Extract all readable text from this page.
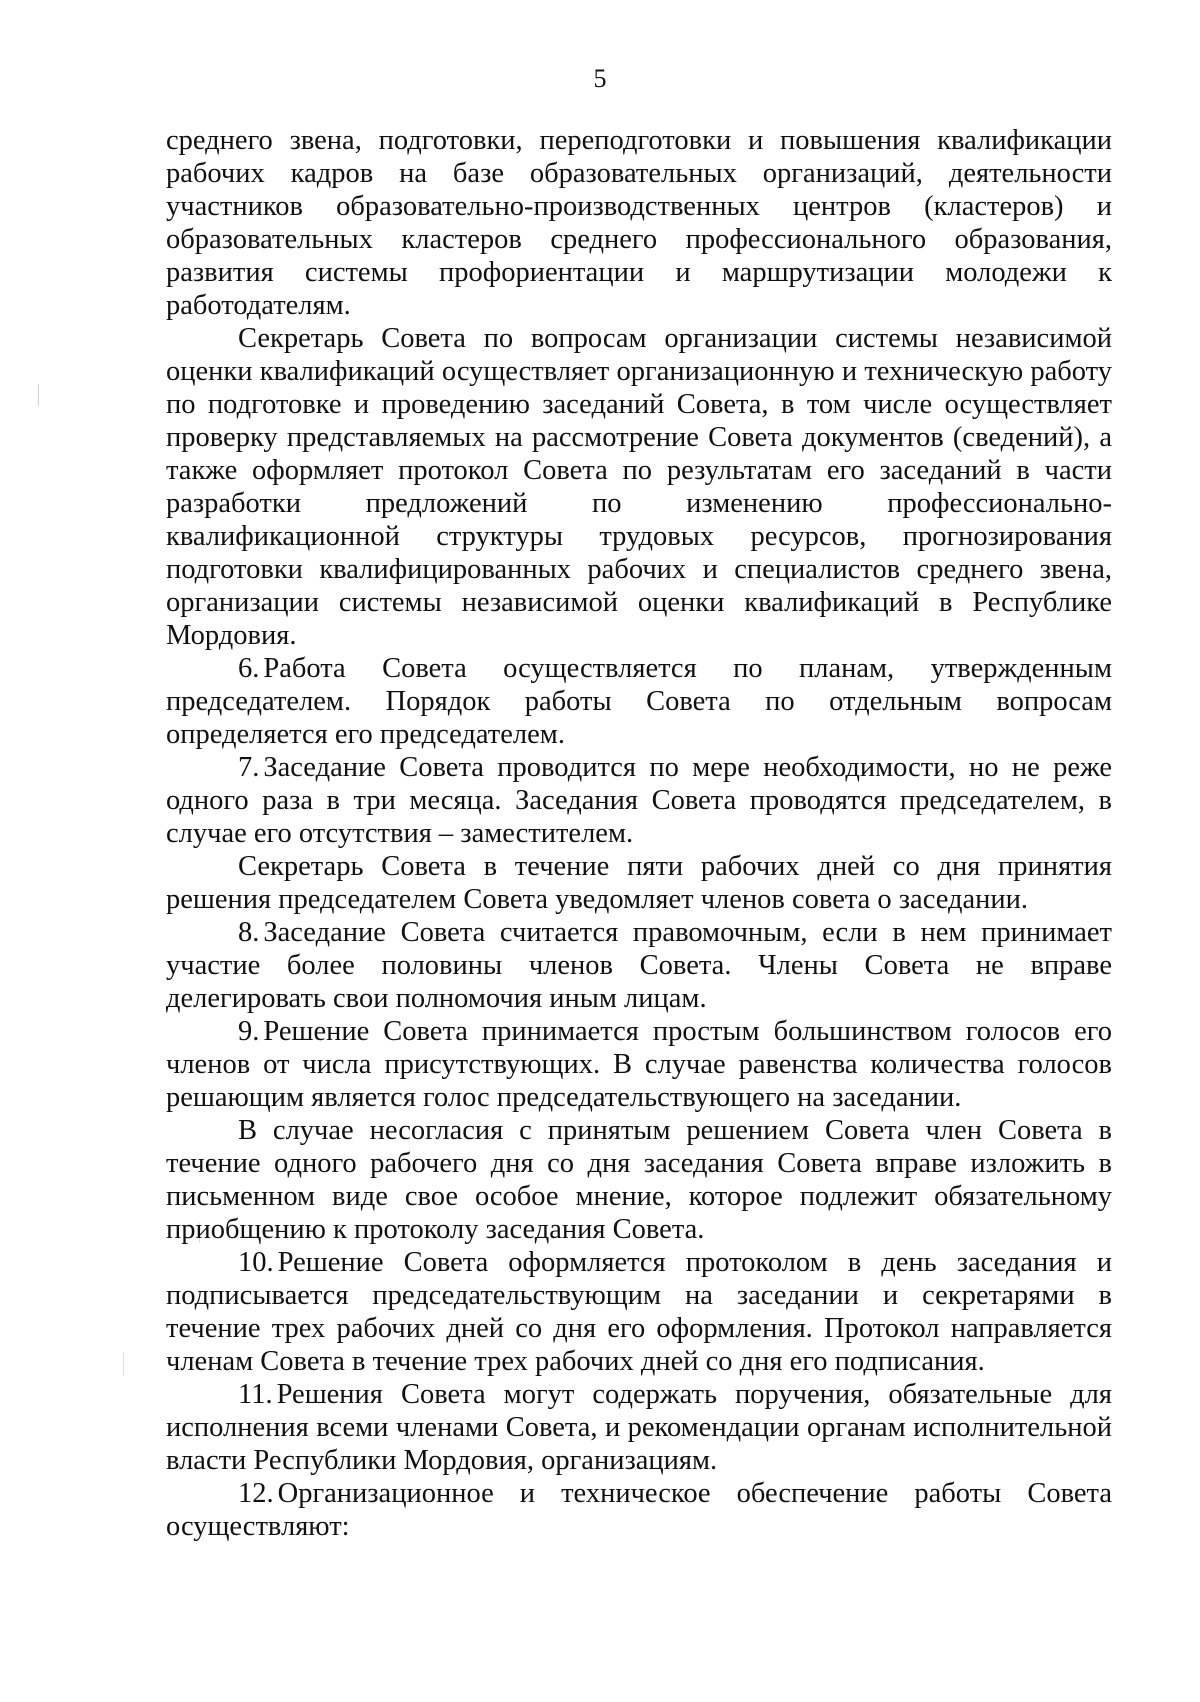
5

среднего звена, подготовки, переподготовки и повышения квалификации рабочих кадров на базе образовательных организаций, деятельности участников образовательно-производственных центров (кластеров) и образовательных кластеров среднего профессионального образования, развития системы профориентации и маршрутизации молодежи к работодателям.

Секретарь Совета по вопросам организации системы независимой оценки квалификаций осуществляет организационную и техническую работу по подготовке и проведению заседаний Совета, в том числе осуществляет проверку представляемых на рассмотрение Совета документов (сведений), а также оформляет протокол Совета по результатам его заседаний в части разработки предложений по изменению профессионально-квалификационной структуры трудовых ресурсов, прогнозирования подготовки квалифицированных рабочих и специалистов среднего звена, организации системы независимой оценки квалификаций в Республике Мордовия.

6. Работа Совета осуществляется по планам, утвержденным председателем. Порядок работы Совета по отдельным вопросам определяется его председателем.

7. Заседание Совета проводится по мере необходимости, но не реже одного раза в три месяца. Заседания Совета проводятся председателем, в случае его отсутствия – заместителем.

Секретарь Совета в течение пяти рабочих дней со дня принятия решения председателем Совета уведомляет членов совета о заседании.

8. Заседание Совета считается правомочным, если в нем принимает участие более половины членов Совета. Члены Совета не вправе делегировать свои полномочия иным лицам.

9. Решение Совета принимается простым большинством голосов его членов от числа присутствующих. В случае равенства количества голосов решающим является голос председательствующего на заседании.

В случае несогласия с принятым решением Совета член Совета в течение одного рабочего дня со дня заседания Совета вправе изложить в письменном виде свое особое мнение, которое подлежит обязательному приобщению к протоколу заседания Совета.

10. Решение Совета оформляется протоколом в день заседания и подписывается председательствующим на заседании и секретарями в течение трех рабочих дней со дня его оформления. Протокол направляется членам Совета в течение трех рабочих дней со дня его подписания.

11. Решения Совета могут содержать поручения, обязательные для исполнения всеми членами Совета, и рекомендации органам исполнительной власти Республики Мордовия, организациям.

12. Организационное и техническое обеспечение работы Совета осуществляют:
